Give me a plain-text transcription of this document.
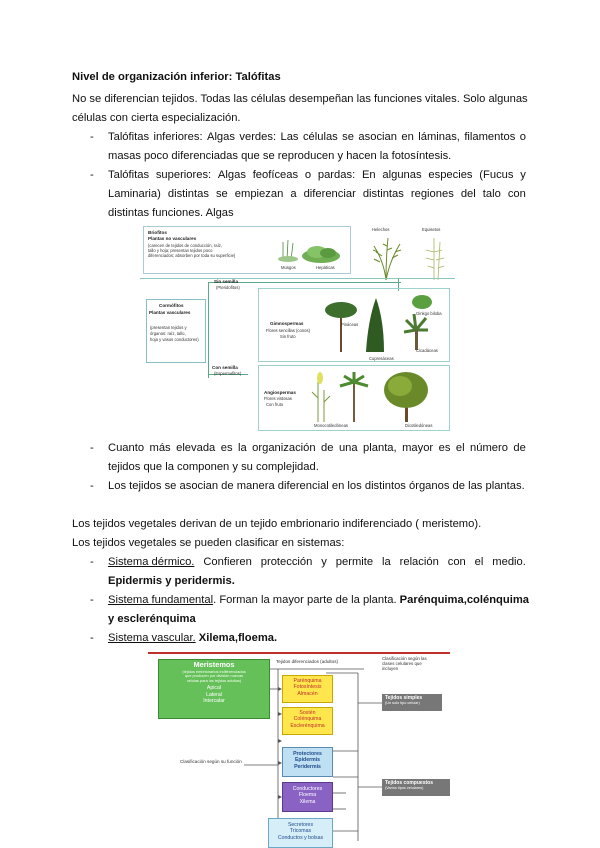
Nivel de organización inferior: Talófitas
No se diferencian tejidos. Todas las células desempeñan las funciones vitales. Solo algunas
células con cierta especialización.
- Talófitas inferiores: Algas verdes: Las células se asocian en láminas, filamentos o
masas poco diferenciadas que se reproducen y hacen la fotosíntesis.
- Talófitas superiores: Algas feofíceas o pardas: En algunas especies (Fucus y
Laminaria) distintas se empiezan a diferenciar distintas regiones del talo con
distintas funciones. Algas
Briofitos
Plantas no vasculares
(carecen de tejidos de conducción, raíz,
tallo y hoja; presentan tejidos poco
diferenciados; absorben por toda su superficie)
Musgos	Hepáticas
Helechos	Equisetos
Sin semilla
(Pteridofitos)
Cormófitos
Plantas vasculares
(presentan tejidos y
órganos: raíz, tallo,
hoja y vasos conductores)
Gimnospermas
Flores sencillas (conos)
Sin fruto
Pináceas
Cupresáceas
Ginkgo biloba
Cicadáceas
Con semilla
(Espermafitos)
Angiospermas
Flores vistosas
Con fruto
Monocotiledóneas	Dicotiledóneas
- Cuanto más elevada es la organización de una planta, mayor es el número de
tejidos que la componen y su complejidad.
- Los tejidos se asocian de manera diferencial en los distintos órganos de las plantas.
Los tejidos vegetales derivan de un tejido embrionario indiferenciado ( meristemo).
Los tejidos vegetales se pueden clasificar en sistemas:
- Sistema dérmico. Confieren protección y permite la relación con el medio.
Epidermis y peridermis.
- Sistema fundamental. Forman la mayor parte de la planta. Parénquima,colénquima
y esclerénquima
- Sistema vascular. Xilema,floema.
Meristemos
(tejidos embrionarios indiferenciados
que producen por división nuevas
células para los tejidos adultos)
Apical
Lateral
Intercalar
Tejidos diferenciados (adultos)
Clasificación según las
clases celulares que
incluyen
Parénquima
Fotosíntesis
Almacén
Sostén
Colénquima
Esclerénquima
Protectores
Epidermis
Peridermis
Conductores
Floema
Xilema
Secretores
Tricomas
Conductos y bolsas
Clasificación según su función
Tejidos simples
(Un solo tipo celular)
Tejidos compuestos
(Varios tipos celulares)
